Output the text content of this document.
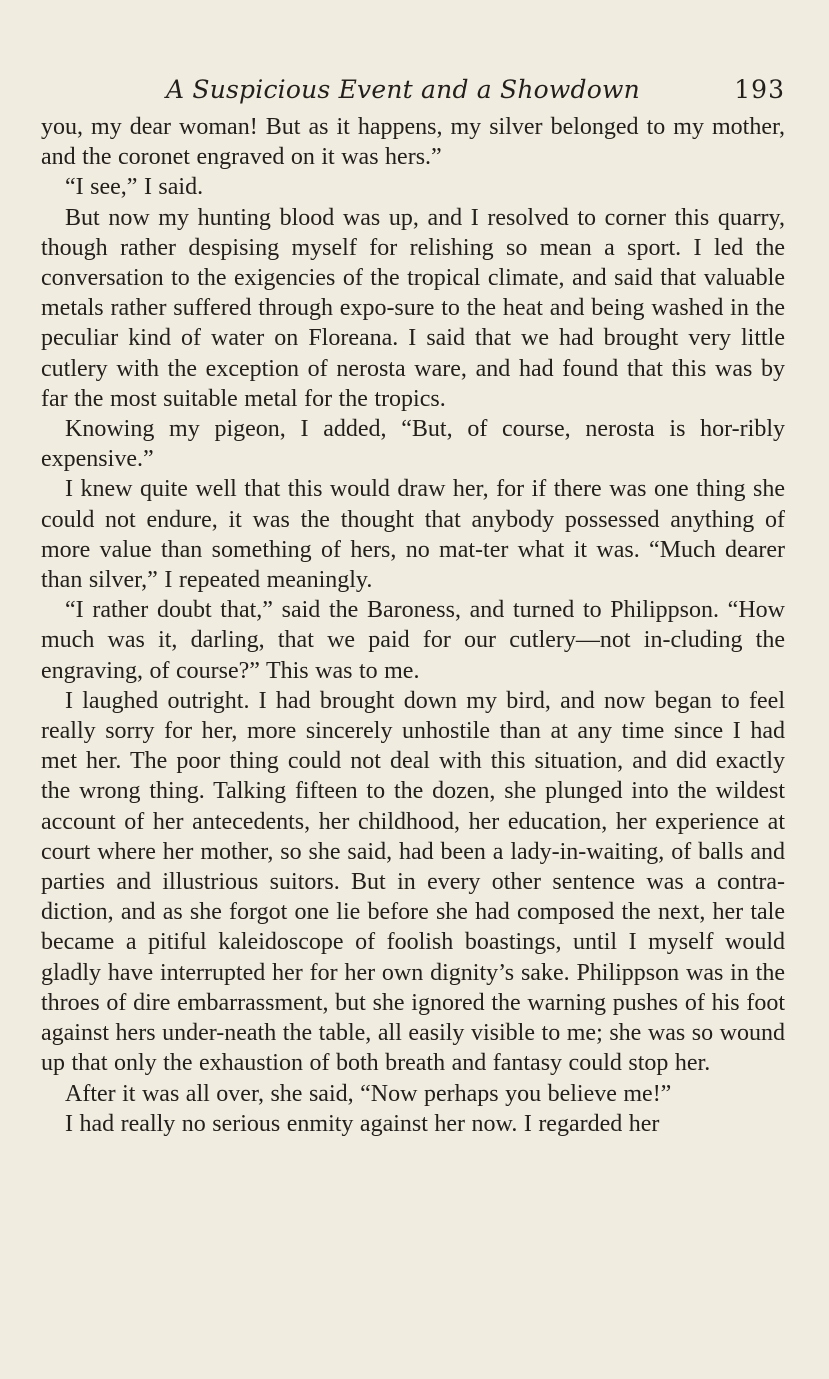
A Suspicious Event and a Showdown	193

you, my dear woman! But as it happens, my silver belonged to my mother, and the coronet engraved on it was hers.”

“I see,” I said.

But now my hunting blood was up, and I resolved to corner this quarry, though rather despising myself for relishing so mean a sport. I led the conversation to the exigencies of the tropical climate, and said that valuable metals rather suffered through expo-sure to the heat and being washed in the peculiar kind of water on Floreana. I said that we had brought very little cutlery with the exception of nerosta ware, and had found that this was by far the most suitable metal for the tropics.

Knowing my pigeon, I added, “But, of course, nerosta is hor-ribly expensive.”

I knew quite well that this would draw her, for if there was one thing she could not endure, it was the thought that anybody possessed anything of more value than something of hers, no mat-ter what it was. “Much dearer than silver,” I repeated meaningly.

“I rather doubt that,” said the Baroness, and turned to Philippson. “How much was it, darling, that we paid for our cutlery—not in-cluding the engraving, of course?” This was to me.

I laughed outright. I had brought down my bird, and now began to feel really sorry for her, more sincerely unhostile than at any time since I had met her. The poor thing could not deal with this situation, and did exactly the wrong thing. Talking fifteen to the dozen, she plunged into the wildest account of her antecedents, her childhood, her education, her experience at court where her mother, so she said, had been a lady-in-waiting, of balls and parties and illustrious suitors. But in every other sentence was a contra-diction, and as she forgot one lie before she had composed the next, her tale became a pitiful kaleidoscope of foolish boastings, until I myself would gladly have interrupted her for her own dignity’s sake. Philippson was in the throes of dire embarrassment, but she ignored the warning pushes of his foot against hers under-neath the table, all easily visible to me; she was so wound up that only the exhaustion of both breath and fantasy could stop her.

After it was all over, she said, “Now perhaps you believe me!”

I had really no serious enmity against her now. I regarded her
